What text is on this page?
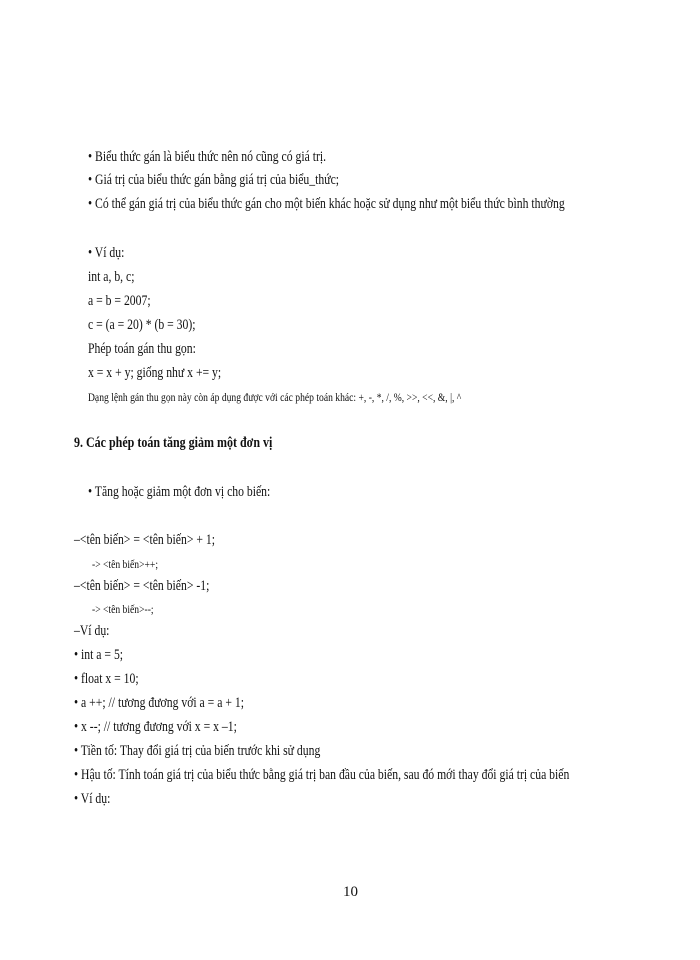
• Biểu thức gán là biểu thức nên nó cũng có giá trị.
• Giá trị của biểu thức gán bằng giá trị của biểu_thức;
• Có thể gán giá trị của biểu thức gán cho một biến khác hoặc sử dụng như một biểu thức bình thường
• Ví dụ:
int a, b, c;
a = b = 2007;
c = (a = 20) * (b = 30);
Phép toán gán thu gọn:
x = x + y; giống như x += y;
Dạng lệnh gán thu gọn này còn áp dụng được với các phép toán khác: +, -, *, /, %, >>, <<, &, |, ^
9. Các phép toán tăng giảm một đơn vị
• Tăng hoặc giảm một đơn vị cho biến:
–<tên biến> = <tên biến> + 1;
-> <tên biến>++;
–<tên biến> = <tên biến> -1;
-> <tên biến>--;
–Ví dụ:
• int a = 5;
• float x = 10;
• a ++; // tương đương với a = a + 1;
• x --; // tương đương với x = x –1;
• Tiền tố: Thay đổi giá trị của biến trước khi sử dụng
• Hậu tố: Tính toán giá trị của biểu thức bằng giá trị ban đầu của biến, sau đó mới thay đổi giá trị của biến
• Ví dụ:
10
